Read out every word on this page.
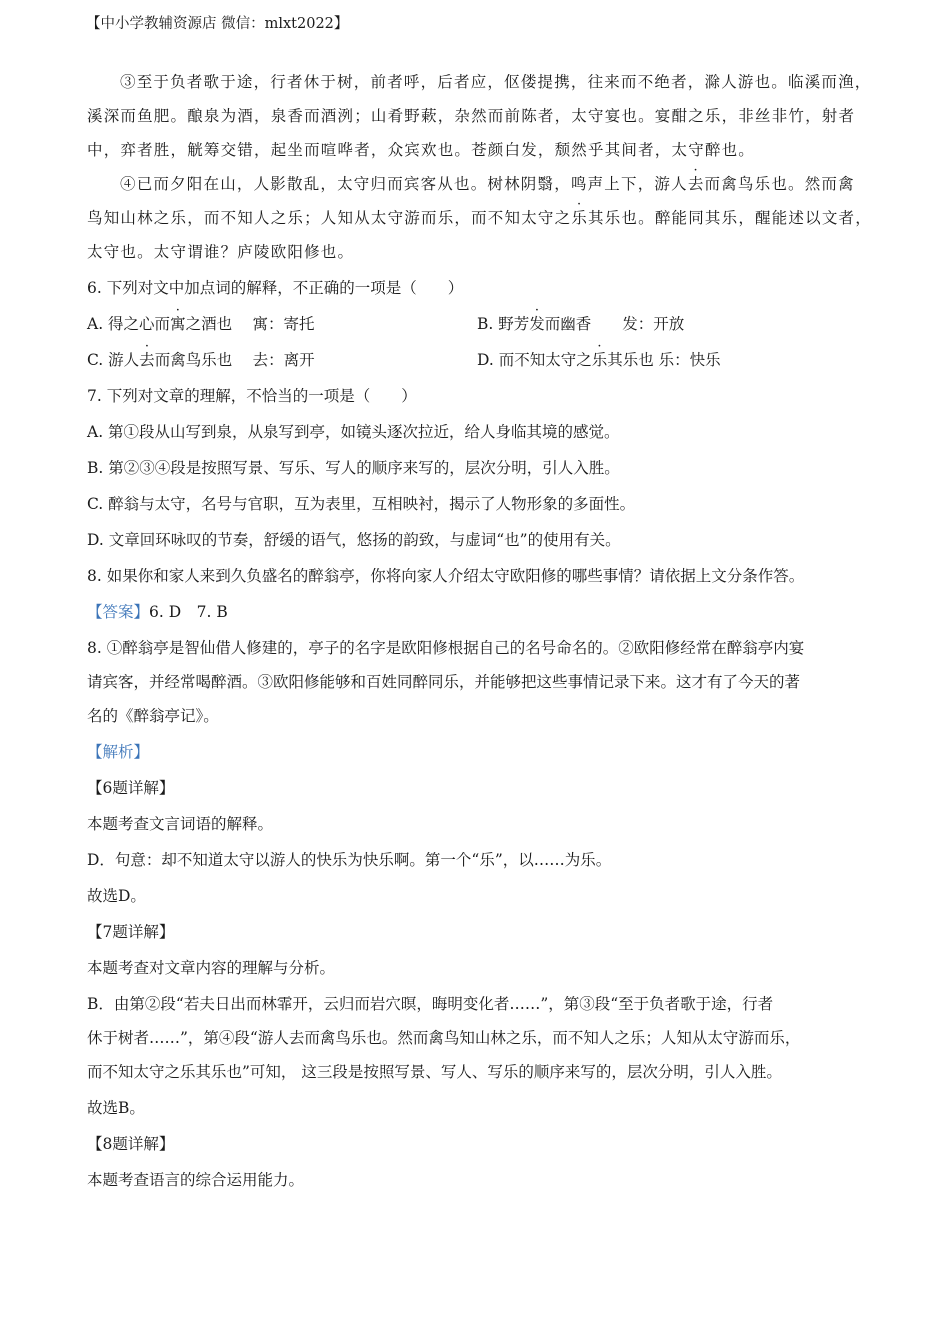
【中小学教辅资源店 微信：mlxt2022】
③至于负者歌于途，行者休于树，前者呼，后者应，伛偻提携，往来而不绝者，滁人游也。临溪而渔，
溪深而鱼肥。酿泉为酒，泉香而酒洌；山肴野蔌，杂然而前陈者，太守宴也。宴酣之乐，非丝非竹，射者
中，弈者胜，觥筹交错，起坐而喧哗者，众宾欢也。苍颜白发，颓然乎其间者，太守醉也。
④已而夕阳在山，人影散乱，太守归而宾客从也。树林阴翳，鸣声上下，游人去而禽鸟乐也。然而禽
鸟知山林之乐，而不知人之乐；人知从太守游而乐，而不知太守之乐其乐也。醉能同其乐，醒能述以文者，
太守也。太守谓谁？庐陵欧阳修也。
6. 下列对文中加点词的解释，不正确的一项是（　　）
A. 得之心而寓之酒也　 寓：寄托	B. 野芳发而幽香　　发：开放
C. 游人去而禽鸟乐也　 去：离开	D. 而不知太守之乐其乐也 乐：快乐
7. 下列对文章的理解，不恰当的一项是（　　）
A. 第①段从山写到泉，从泉写到亭，如镜头逐次拉近，给人身临其境的感觉。
B. 第②③④段是按照写景、写乐、写人的顺序来写的，层次分明，引人入胜。
C. 醉翁与太守，名号与官职，互为表里，互相映衬，揭示了人物形象的多面性。
D. 文章回环咏叹的节奏，舒缓的语气，悠扬的韵致，与虚词“也”的使用有关。
8. 如果你和家人来到久负盛名的醉翁亭，你将向家人介绍太守欧阳修的哪些事情？请依据上文分条作答。
【答案】6. D　7. B
8. ①醉翁亭是智仙借人修建的，亭子的名字是欧阳修根据自己的名号命名的。②欧阳修经常在醉翁亭内宴
请宾客，并经常喝醉酒。③欧阳修能够和百姓同醉同乐，并能够把这些事情记录下来。这才有了今天的著
名的《醉翁亭记》。
【解析】
【6题详解】
本题考查文言词语的解释。
D．句意：却不知道太守以游人的快乐为快乐啊。第一个“乐”，以……为乐。
故选D。
【7题详解】
本题考查对文章内容的理解与分析。
B．由第②段“若夫日出而林霏开，云归而岩穴暝，晦明变化者……”，第③段“至于负者歌于途，行者
休于树者……”，第④段“游人去而禽鸟乐也。然而禽鸟知山林之乐，而不知人之乐；人知从太守游而乐，
而不知太守之乐其乐也”可知， 这三段是按照写景、写人、写乐的顺序来写的，层次分明，引人入胜。
故选B。
【8题详解】
本题考查语言的综合运用能力。
